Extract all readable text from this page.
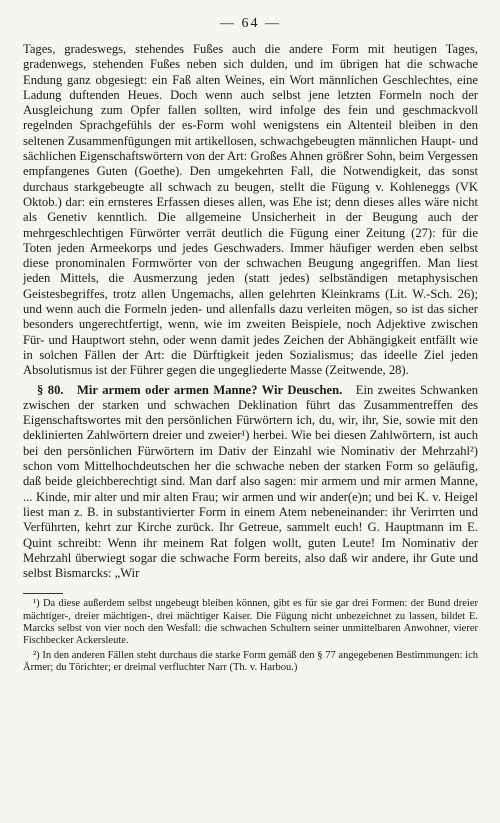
— 64 —

Tages, gradeswegs, stehendes Fußes auch die andere Form mit heutigen Tages, gradenwegs, stehenden Fußes neben sich dulden, und im übrigen hat die schwache Endung ganz obgesiegt: ein Faß alten Weines, ein Wort männlichen Geschlechtes, eine Ladung duftenden Heues. Doch wenn auch selbst jene letzten Formeln noch der Ausgleichung zum Opfer fallen sollten, wird infolge des fein und geschmackvoll regelnden Sprachgefühls der es-Form wohl wenigstens ein Altenteil bleiben in den seltenen Zusammenfügungen mit artikellosen, schwachgebeugten männlichen Haupt- und sächlichen Eigenschaftswörtern von der Art: Großes Ahnen größrer Sohn, beim Vergessen empfangenes Guten (Goethe). Den umgekehrten Fall, die Notwendigkeit, das sonst durchaus starkgebeugte all schwach zu beugen, stellt die Fügung v. Kohleneggs (VK Oktob.) dar: ein ernsteres Erfassen dieses allen, was Ehe ist; denn dieses alles wäre nicht als Genetiv kenntlich. Die allgemeine Unsicherheit in der Beugung auch der mehrgeschlechtigen Fürwörter verrät deutlich die Fügung einer Zeitung (27): für die Toten jeden Armeekorps und jedes Geschwaders. Immer häufiger werden eben selbst diese pronominalen Formwörter von der schwachen Beugung angegriffen. Man liest jeden Mittels, die Ausmerzung jeden (statt jedes) selbständigen metaphysischen Geistesbegriffes, trotz allen Ungemachs, allen gelehrten Kleinkrams (Lit. W.-Sch. 26); und wenn auch die Formeln jeden- und allenfalls dazu verleiten mögen, so ist das sicher besonders ungerechtfertigt, wenn, wie im zweiten Beispiele, noch Adjektive zwischen Für- und Hauptwort stehn, oder wenn damit jedes Zeichen der Abhängigkeit entfällt wie in solchen Fällen der Art: die Dürftigkeit jeden Sozialismus; das ideelle Ziel jeden Absolutismus ist der Führer gegen die ungegliederte Masse (Zeitwende, 28).

§ 80. Mir armem oder armen Manne? Wir Deuschen. Ein zweites Schwanken zwischen der starken und schwachen Deklination führt das Zusammentreffen des Eigenschaftswortes mit den persönlichen Fürwörtern ich, du, wir, ihr, Sie, sowie mit den deklinierten Zahlwörtern dreier und zweier¹) herbei. Wie bei diesen Zahlwörtern, ist auch bei den persönlichen Fürwörtern im Dativ der Einzahl wie Nominativ der Mehrzahl²) schon vom Mittelhochdeutschen her die schwache neben der starken Form so geläufig, daß beide gleichberechtigt sind. Man darf also sagen: mir armem und mir armen Manne, ... Kinde, mir alter und mir alten Frau; wir armen und wir ander(e)n; und bei K. v. Heigel liest man z. B. in substantivierter Form in einem Atem nebeneinander: ihr Verirrten und Verführten, kehrt zur Kirche zurück. Ihr Getreue, sammelt euch! G. Hauptmann im E. Quint schreibt: Wenn ihr meinem Rat folgen wollt, guten Leute! Im Nominativ der Mehrzahl überwiegt sogar die schwache Form bereits, also daß wir andere, ihr Gute und selbst Bismarcks: „Wir

¹) Da diese außerdem selbst ungebeugt bleiben können, gibt es für sie gar drei Formen: der Bund dreier mächtiger-, dreier mächtigen-, drei mächtiger Kaiser. Die Fügung nicht unbezeichnet zu lassen, bildet E. Marcks selbst von vier noch den Wesfall: die schwachen Schultern seiner unmittelbaren Anwohner, vierer Fischbecker Ackersleute.

²) In den anderen Fällen steht durchaus die starke Form gemäß den § 77 angegebenen Bestimmungen: ich Ärmer; du Törichter; er dreimal verfluchter Narr (Th. v. Harbou.)
